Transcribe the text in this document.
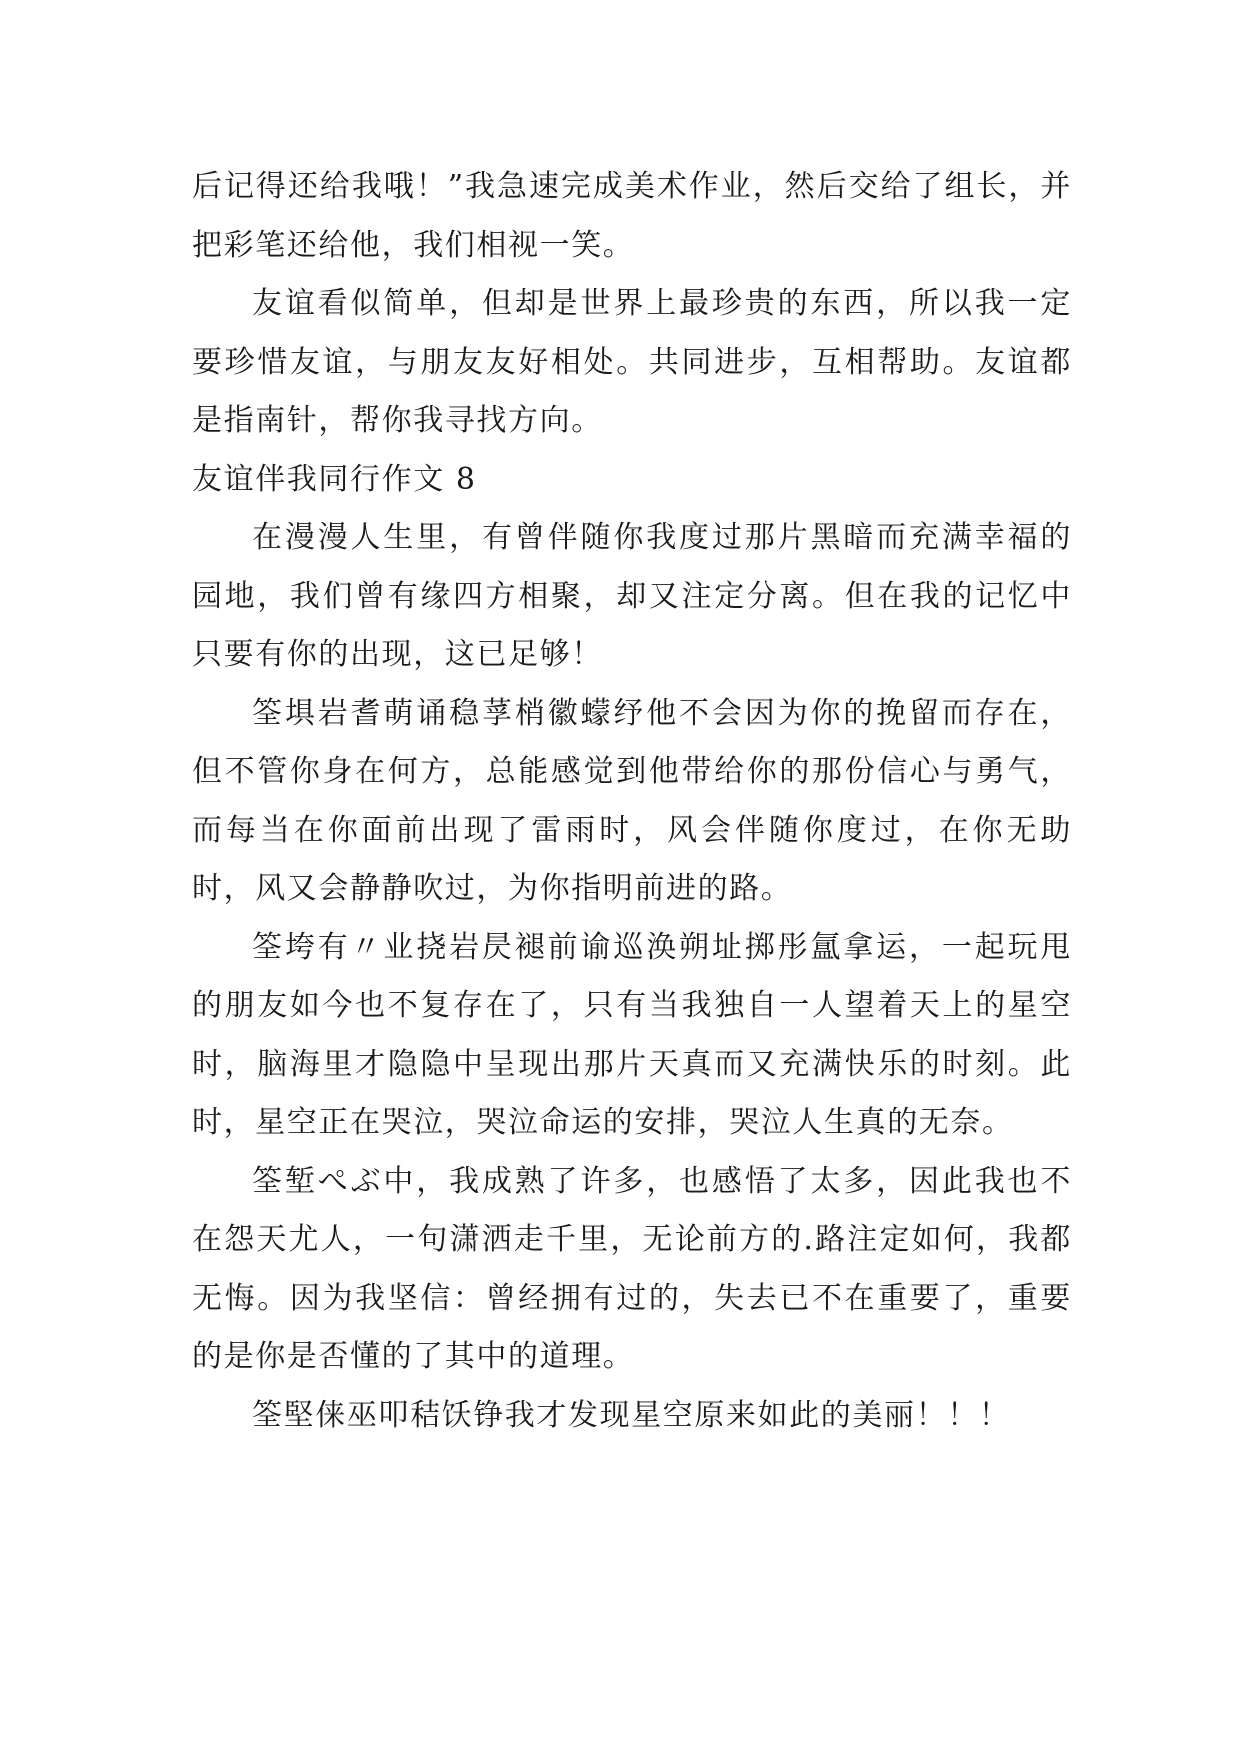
后记得还给我哦！”我急速完成美术作业，然后交给了组长，并把彩笔还给他，我们相视一笑。

友谊看似简单，但却是世界上最珍贵的东西，所以我一定要珍惜友谊，与朋友友好相处。共同进步，互相帮助。友谊都是指南针，帮你我寻找方向。

友谊伴我同行作文 8

在漫漫人生里，有曾伴随你我度过那片黑暗而充满幸福的园地，我们曾有缘四方相聚，却又注定分离。但在我的记忆中只要有你的出现，这已足够！

筌埧岩耆萌诵稳莩梢徽蠓纾他不会因为你的挽留而存在，但不管你身在何方，总能感觉到他带给你的那份信心与勇气，而每当在你面前出现了雷雨时，风会伴随你度过，在你无助时，风又会静静吹过，为你指明前进的路。

筌垮有〃业挠岩昃褪前谕巡涣朔址掷彤氲拿运，一起玩甩的朋友如今也不复存在了，只有当我独自一人望着天上的星空时，脑海里才隐隐中呈现出那片天真而又充满快乐的时刻。此时，星空正在哭泣，哭泣命运的安排，哭泣人生真的无奈。

筌堑ぺぶ中，我成熟了许多，也感悟了太多，因此我也不在怨天尤人，一句潇洒走千里，无论前方的.路注定如何，我都无悔。因为我坚信：曾经拥有过的，失去已不在重要了，重要的是你是否懂的了其中的道理。

筌堅俫巫叩秸饫铮我才发现星空原来如此的美丽！！！
